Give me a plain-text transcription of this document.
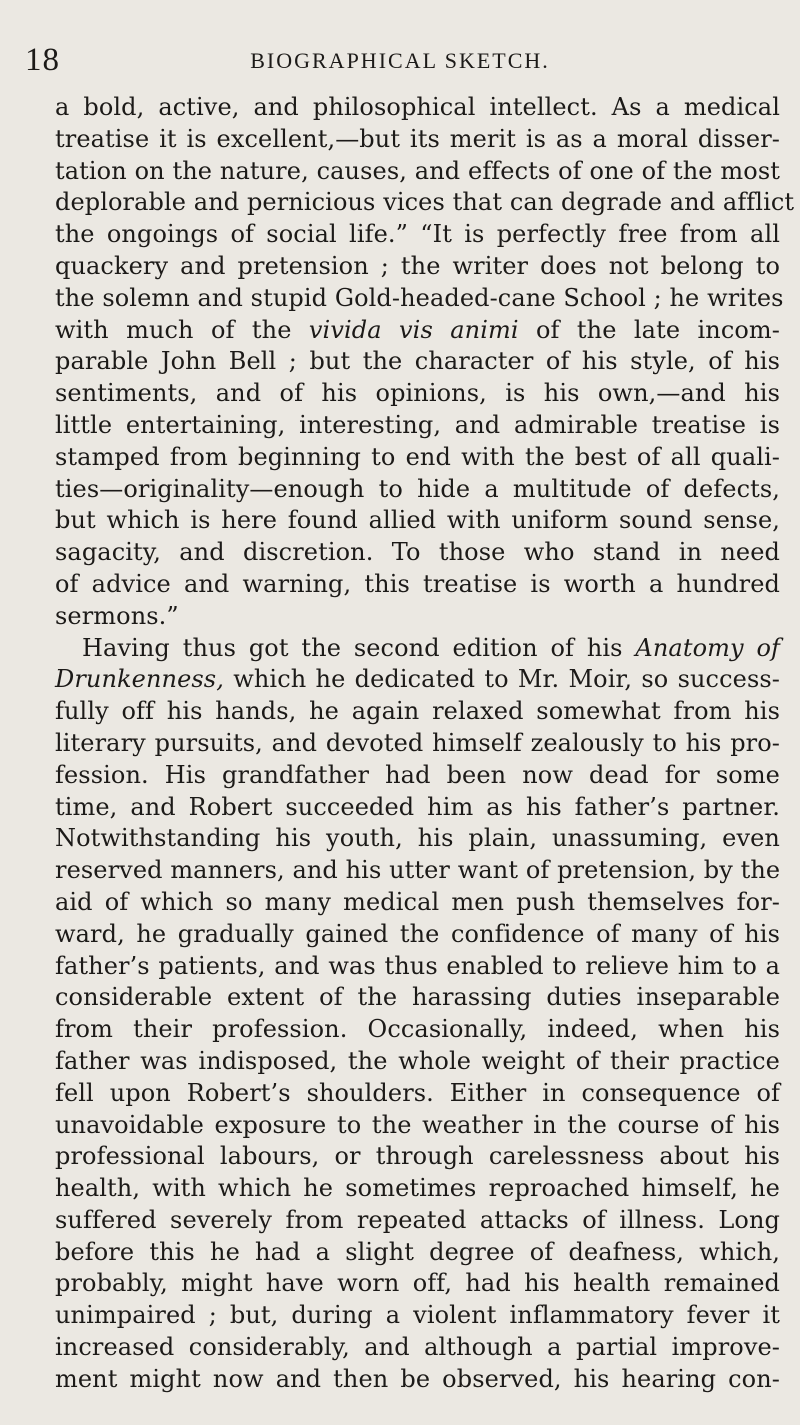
18	BIOGRAPHICAL SKETCH.
a bold, active, and philosophical intellect. As a medical
treatise it is excellent,—but its merit is as a moral disser-
tation on the nature, causes, and effects of one of the most
deplorable and pernicious vices that can degrade and afflict
the ongoings of social life.” “It is perfectly free from all
quackery and pretension ; the writer does not belong to
the solemn and stupid Gold-headed-cane School ; he writes
with much of the vivida vis animi of the late incom-
parable John Bell ; but the character of his style, of his
sentiments, and of his opinions, is his own,—and his
little entertaining, interesting, and admirable treatise is
stamped from beginning to end with the best of all quali-
ties—originality—enough to hide a multitude of defects,
but which is here found allied with uniform sound sense,
sagacity, and discretion. To those who stand in need
of advice and warning, this treatise is worth a hundred
sermons.”
Having thus got the second edition of his Anatomy of
Drunkenness, which he dedicated to Mr. Moir, so success-
fully off his hands, he again relaxed somewhat from his
literary pursuits, and devoted himself zealously to his pro-
fession. His grandfather had been now dead for some
time, and Robert succeeded him as his father’s partner.
Notwithstanding his youth, his plain, unassuming, even
reserved manners, and his utter want of pretension, by the
aid of which so many medical men push themselves for-
ward, he gradually gained the confidence of many of his
father’s patients, and was thus enabled to relieve him to a
considerable extent of the harassing duties inseparable
from their profession. Occasionally, indeed, when his
father was indisposed, the whole weight of their practice
fell upon Robert’s shoulders. Either in consequence of
unavoidable exposure to the weather in the course of his
professional labours, or through carelessness about his
health, with which he sometimes reproached himself, he
suffered severely from repeated attacks of illness. Long
before this he had a slight degree of deafness, which,
probably, might have worn off, had his health remained
unimpaired ; but, during a violent inflammatory fever it
increased considerably, and although a partial improve-
ment might now and then be observed, his hearing con-
